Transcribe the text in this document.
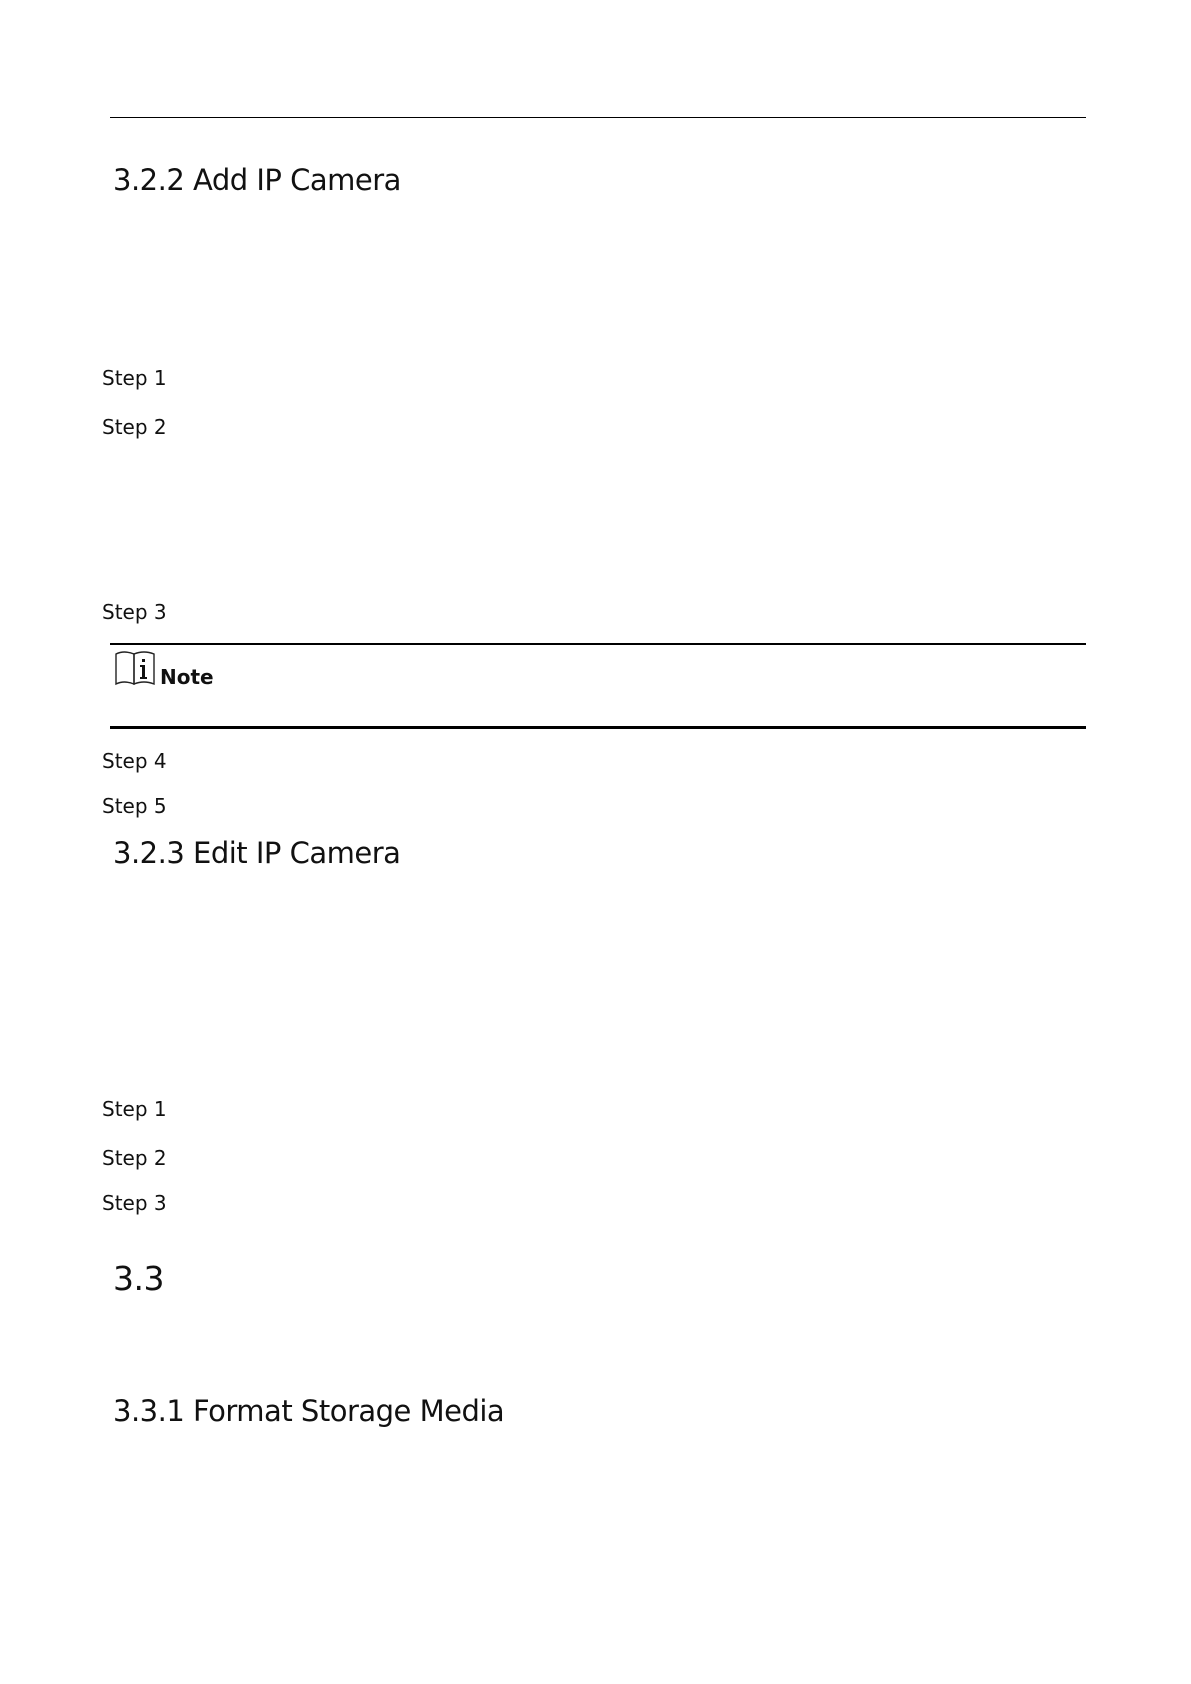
3.2.2 Add IP Camera

Step 1

Step 2

Step 3

Note

Step 4

Step 5

3.2.3 Edit IP Camera

Step 1

Step 2

Step 3

3.3
3.3.1 Format Storage Media
